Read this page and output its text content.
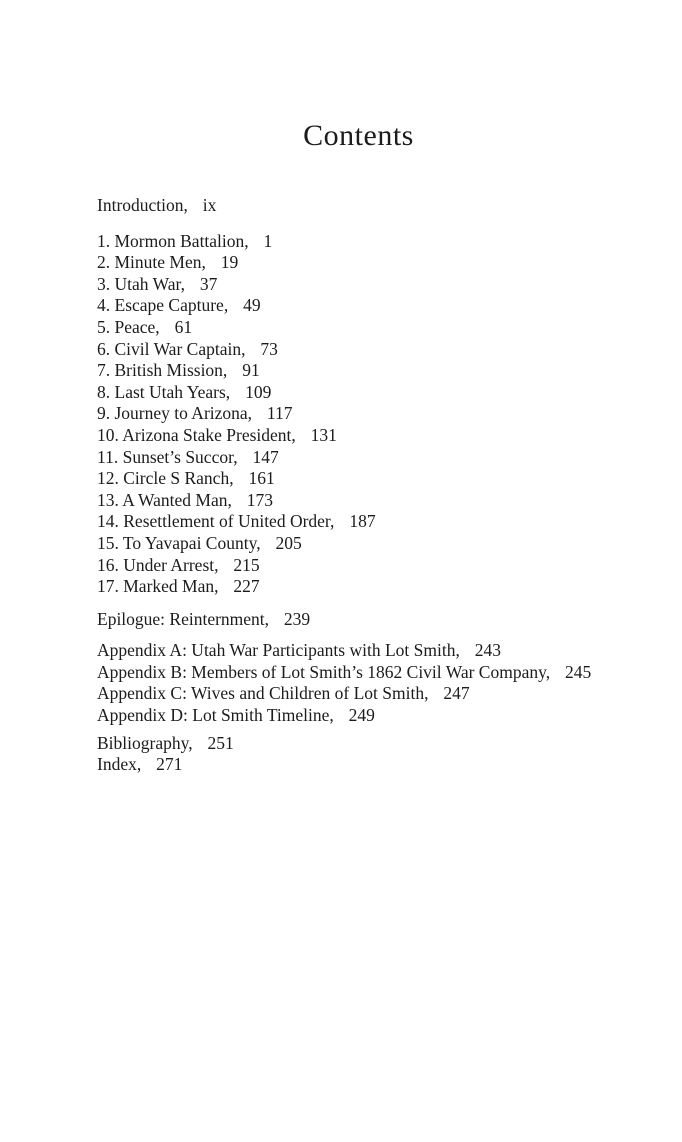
Contents

Introduction, ix

1. Mormon Battalion, 1

2. Minute Men, 19

3. Utah War, 37

4. Escape Capture, 49

5. Peace, 61

6. Civil War Captain, 73

7. British Mission, 91

8. Last Utah Years, 109

9. Journey to Arizona, 117

10. Arizona Stake President, 131

11. Sunset’s Succor, 147

12. Circle S Ranch, 161

13. A Wanted Man, 173

14. Resettlement of United Order, 187

15. To Yavapai County, 205

16. Under Arrest, 215

17. Marked Man, 227

Epilogue: Reinternment, 239

Appendix A: Utah War Participants with Lot Smith, 243

Appendix B: Members of Lot Smith’s 1862 Civil War Company, 245

Appendix C: Wives and Children of Lot Smith, 247

Appendix D: Lot Smith Timeline, 249

Bibliography, 251

Index, 271
